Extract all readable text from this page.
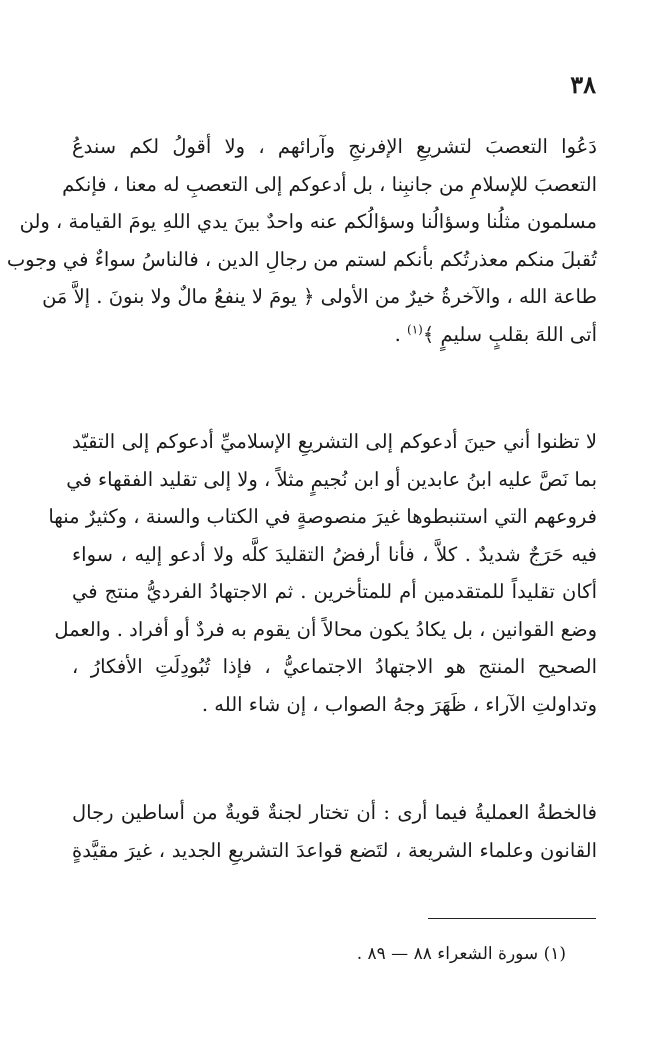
٣٨
دَعُوا التعصبَ لتشريعِ الإفرنجِ وآرائهم ، ولا أقولُ لكم سندعُ
التعصبَ للإسلامِ من جانبِنا ، بل أدعوكم إلى التعصبِ له معنا ، فإنكم
مسلمون مثلُنا وسؤالُنا وسؤالُكم عنه واحدٌ بينَ يدي اللهِ يومَ القيامة ، ولن
تُقبلَ منكم معذرتُكم بأنكم لستم من رجالِ الدين ، فالناسُ سواءٌ في وجوب
طاعة الله ، والآخرةُ خيرٌ من الأولى ﴿ يومَ لا ينفعُ مالٌ ولا بنونَ . إلاَّ مَن
أتى اللهَ بقلبٍ سليمٍ ﴾$^{(١)}$ .
لا تظنوا أني حينَ أدعوكم إلى التشريعِ الإسلاميِّ أدعوكم إلى التقيّد
بما نَصَّ عليه ابنُ عابدين أو ابن نُجيمٍ مثلاً ، ولا إلى تقليد الفقهاء في
فروعهم التي استنبطوها غيرَ منصوصةٍ في الكتاب والسنة ، وكثيرٌ منها
فيه حَرَجٌ شديدٌ . كلاَّ ، فأنا أرفضُ التقليدَ كلَّه ولا أدعو إليه ، سواء
أكان تقليداً للمتقدمين أم للمتأخرين . ثم الاجتهادُ الفرديُّ منتج في
وضع القوانين ، بل يكادُ يكون محالاً أن يقوم به فردٌ أو أفراد . والعمل
الصحيح المنتج هو الاجتهادُ الاجتماعيُّ ، فإذا تُبُودِلَتِ الأفكارُ ،
وتداولتِ الآراء ، ظَهَرَ وجهُ الصواب ، إن شاء الله .
فالخطةُ العمليةُ فيما أرى : أن تختار لجنةٌ قويةٌ من أساطين رجال
القانون وعلماء الشريعة ، لتَضع قواعدَ التشريعِ الجديد ، غيرَ مقيَّدةٍ
(١) سورة الشعراء ٨٨ — ٨٩ .
